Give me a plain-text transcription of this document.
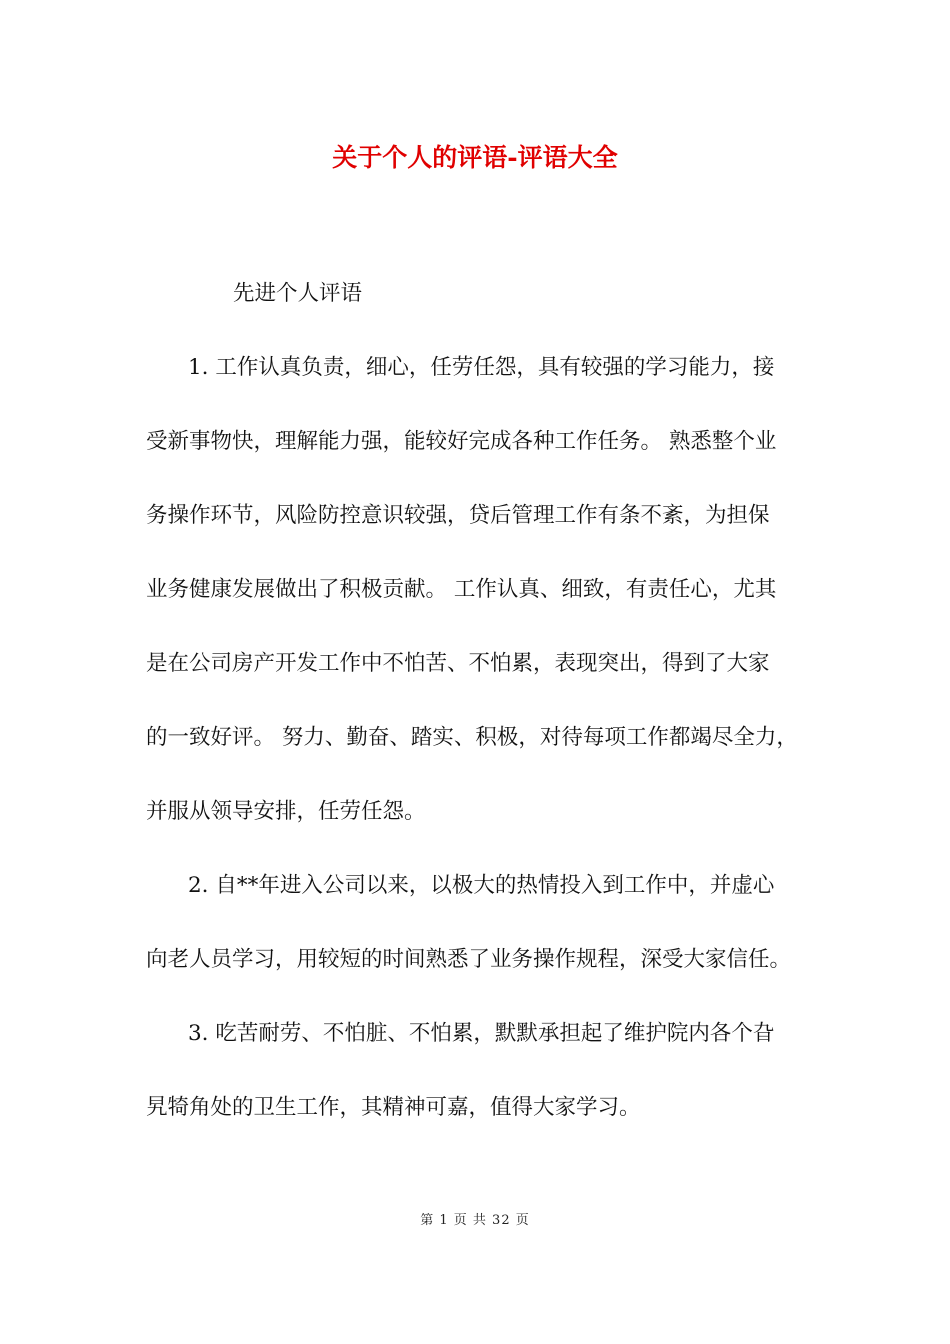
关于个人的评语-评语大全
先进个人评语
1. 工作认真负责，细心，任劳任怨，具有较强的学习能力，接
受新事物快，理解能力强，能较好完成各种工作任务。 熟悉整个业
务操作环节，风险防控意识较强，贷后管理工作有条不紊，为担保
业务健康发展做出了积极贡献。 工作认真、细致，有责任心，尤其
是在公司房产开发工作中不怕苦、不怕累，表现突出，得到了大家
的一致好评。 努力、勤奋、踏实、积极，对待每项工作都竭尽全力，
并服从领导安排，任劳任怨。
2. 自**年进入公司以来，以极大的热情投入到工作中，并虚心
向老人员学习，用较短的时间熟悉了业务操作规程，深受大家信任。
3. 吃苦耐劳、不怕脏、不怕累，默默承担起了维护院内各个旮
旯犄角处的卫生工作，其精神可嘉，值得大家学习。
第 1 页 共 32 页
